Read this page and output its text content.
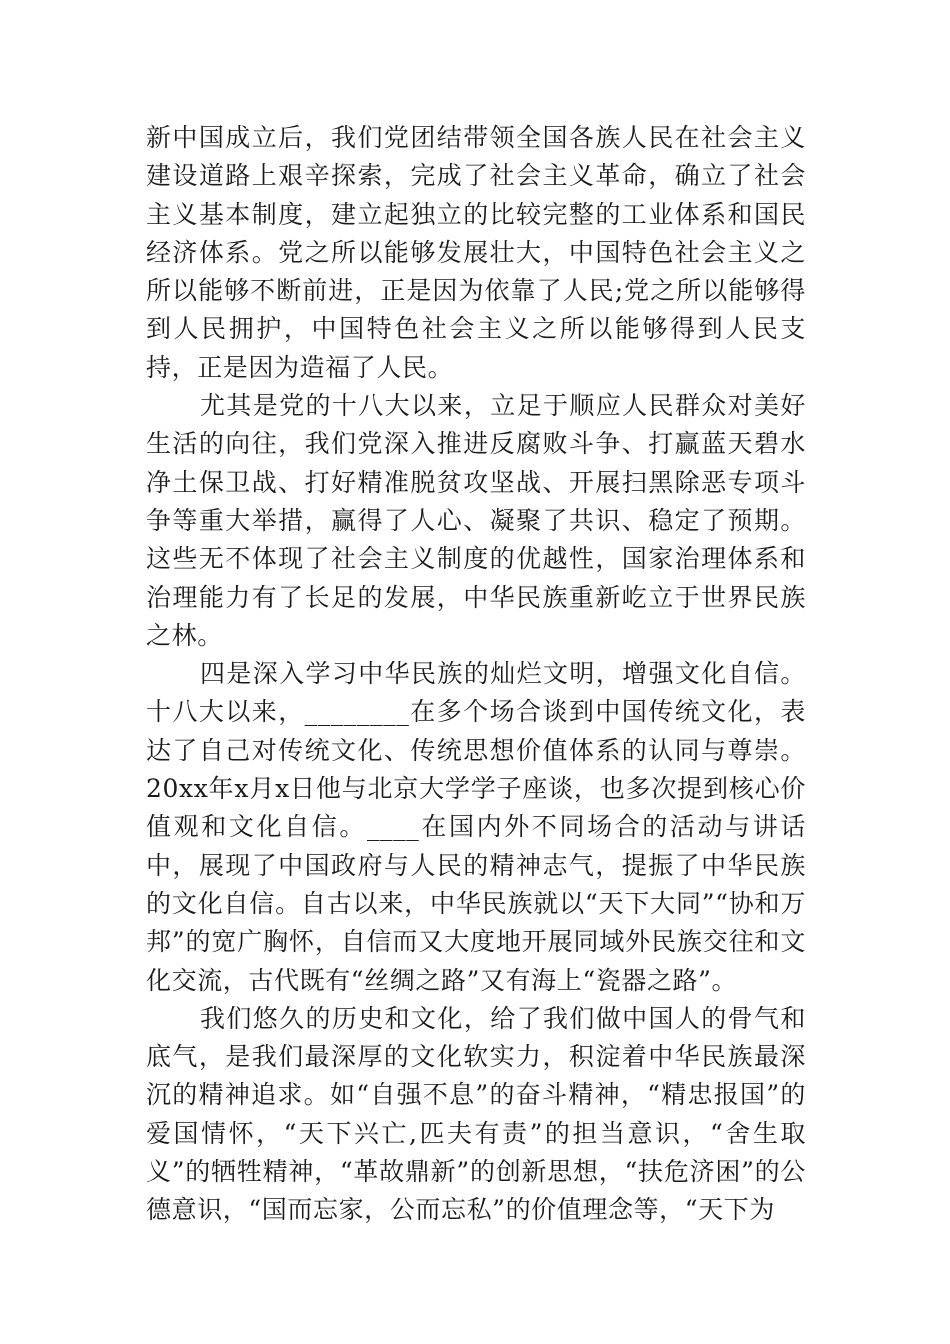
新中国成立后，我们党团结带领全国各族人民在社会主义建设道路上艰辛探索，完成了社会主义革命，确立了社会主义基本制度，建立起独立的比较完整的工业体系和国民经济体系。党之所以能够发展壮大，中国特色社会主义之所以能够不断前进，正是因为依靠了人民;党之所以能够得到人民拥护，中国特色社会主义之所以能够得到人民支持，正是因为造福了人民。

尤其是党的十八大以来，立足于顺应人民群众对美好生活的向往，我们党深入推进反腐败斗争、打赢蓝天碧水净土保卫战、打好精准脱贫攻坚战、开展扫黑除恶专项斗争等重大举措，赢得了人心、凝聚了共识、稳定了预期。这些无不体现了社会主义制度的优越性，国家治理体系和治理能力有了长足的发展，中华民族重新屹立于世界民族之林。

四是深入学习中华民族的灿烂文明，增强文化自信。十八大以来，________在多个场合谈到中国传统文化，表达了自己对传统文化、传统思想价值体系的认同与尊崇。20xx年x月x日他与北京大学学子座谈，也多次提到核心价值观和文化自信。____在国内外不同场合的活动与讲话中，展现了中国政府与人民的精神志气，提振了中华民族的文化自信。自古以来，中华民族就以“天下大同”“协和万邦”的宽广胸怀，自信而又大度地开展同域外民族交往和文化交流，古代既有“丝绸之路”又有海上“瓷器之路”。

我们悠久的历史和文化，给了我们做中国人的骨气和底气，是我们最深厚的文化软实力，积淀着中华民族最深沉的精神追求。如“自强不息”的奋斗精神，“精忠报国”的爱国情怀，“天下兴亡,匹夫有责”的担当意识，“舍生取义”的牺牲精神，“革故鼎新”的创新思想，“扶危济困”的公德意识，“国而忘家，公而忘私”的价值理念等，“天下为
